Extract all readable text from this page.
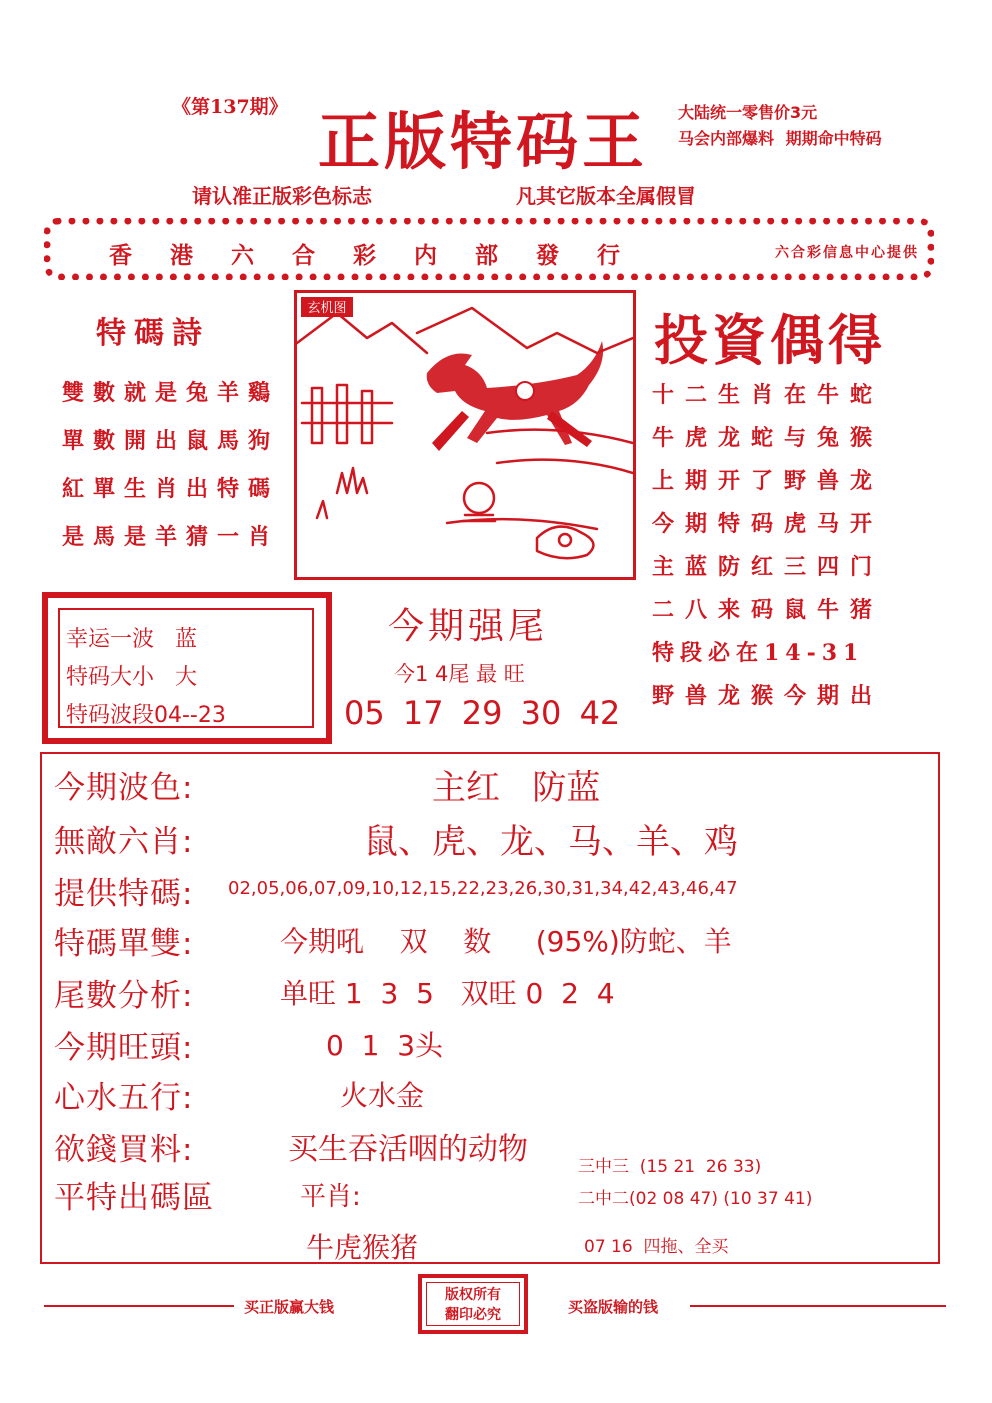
《第137期》 正版特码王 大陆统一零售价3元
马会内部爆料 期期命中特码
请认准正版彩色标志	凡其它版本全属假冒
香港六合彩内部發行	六合彩信息中心提供
特碼詩
雙數就是兔羊鷄
單數開出鼠馬狗
紅單生肖出特碼
是馬是羊猜一肖
玄机图	投資偶得
十二生肖在牛蛇
牛虎龙蛇与兔猴
上期开了野兽龙
今期特码虎马开
主蓝防红三四门
二八来码鼠牛猪
特段必在14-31
野兽龙猴今期出
幸运一波   蓝
特码大小   大
特码波段04--23
今期强尾
今1 4尾 最 旺
05 17 29 30 42
今期波色:	主红   防蓝
無敵六肖:	鼠、虎、龙、马、羊、鸡
提供特碼: 02,05,06,07,09,10,12,15,22,23,26,30,31,34,42,43,46,47
特碼單雙:	今期吼    双    数     (95%)防蛇、羊
尾數分析:	单旺 1  3  5   双旺 0  2  4
今期旺頭:	0  1  3头
心水五行:	火水金
欲錢買料:	买生吞活咽的动物
平特出碼區	平肖:
牛虎猴猪
三中三  (15 21  26 33)
二中二(02 08 47) (10 37 41)
07 16  四拖、全买
买正版赢大钱
版权所有
翻印必究	买盗版输的钱
